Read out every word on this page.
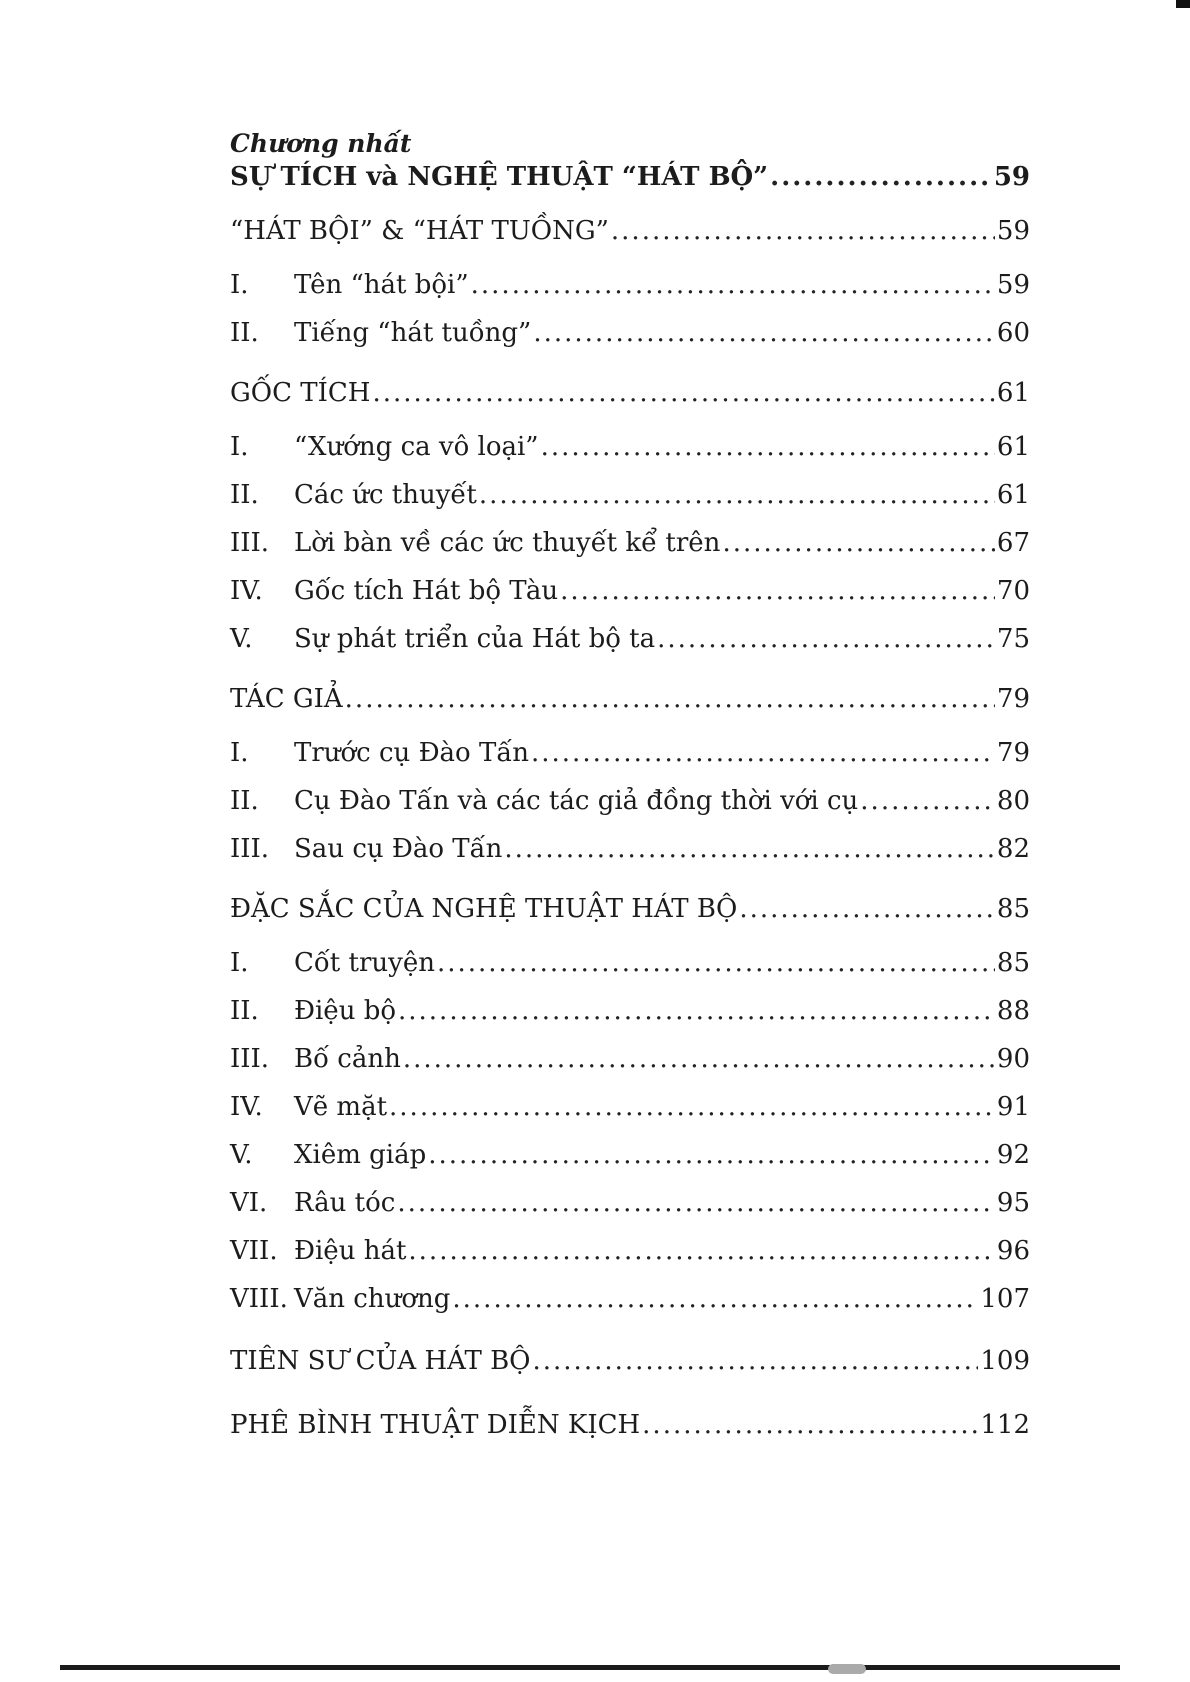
Chương nhất
SỰ TÍCH và NGHỆ THUẬT “HÁT BỘ” .....	59
“HÁT BỘI” & “HÁT TUỒNG” .....	59
I.	Tên “hát bội” .....	59
II.	Tiếng “hát tuồng” .....	60
GỐC TÍCH .....	61
I.	“Xướng ca vô loại” .....	61
II.	Các ức thuyết .....	61
III. Lời bàn về các ức thuyết kể trên .....	67
IV.	Gốc tích Hát bộ Tàu .....	70
V.	Sự phát triển của Hát bộ ta .....	75
TÁC GIẢ .....	79
I.	Trước cụ Đào Tấn .....	79
II.	Cụ Đào Tấn và các tác giả đồng thời với cụ .....	80
III. Sau cụ Đào Tấn .....	82
ĐẶC SẮC CỦA NGHỆ THUẬT HÁT BỘ .....	85
I.	Cốt truyện .....	85
II.	Điệu bộ .....	88
III. Bố cảnh .....	90
IV.	Vẽ mặt .....	91
V.	Xiêm giáp .....	92
VI.	Râu tóc .....	95
VII. Điệu hát .....	96
VIII. Văn chương .....	107
TIÊN SƯ CỦA HÁT BỘ .....	109
PHÊ BÌNH THUẬT DIỄN KỊCH .....	112
